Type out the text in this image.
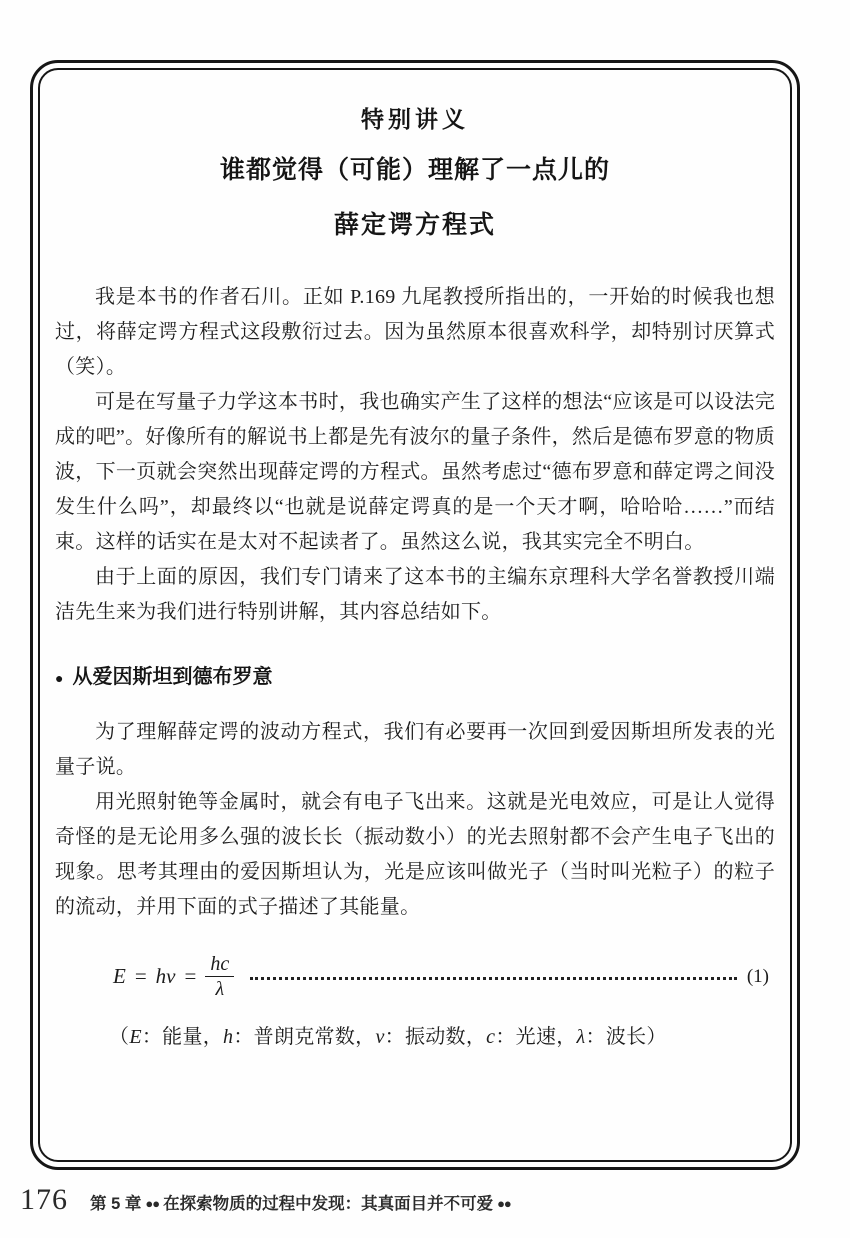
特别讲义
谁都觉得（可能）理解了一点儿的
薛定谔方程式

我是本书的作者石川。正如 P.169 九尾教授所指出的，一开始的时候我也想过，将薛定谔方程式这段敷衍过去。因为虽然原本很喜欢科学，却特别讨厌算式（笑）。

可是在写量子力学这本书时，我也确实产生了这样的想法“应该是可以设法完成的吧”。好像所有的解说书上都是先有波尔的量子条件，然后是德布罗意的物质波，下一页就会突然出现薛定谔的方程式。虽然考虑过“德布罗意和薛定谔之间没发生什么吗”，却最终以“也就是说薛定谔真的是一个天才啊，哈哈哈……”而结束。这样的话实在是太对不起读者了。虽然这么说，我其实完全不明白。

由于上面的原因，我们专门请来了这本书的主编东京理科大学名誉教授川端洁先生来为我们进行特别讲解，其内容总结如下。

● 从爱因斯坦到德布罗意

为了理解薛定谔的波动方程式，我们有必要再一次回到爱因斯坦所发表的光量子说。

用光照射铯等金属时，就会有电子飞出来。这就是光电效应，可是让人觉得奇怪的是无论用多么强的波长长（振动数小）的光去照射都不会产生电子飞出的现象。思考其理由的爱因斯坦认为，光是应该叫做光子（当时叫光粒子）的粒子的流动，并用下面的式子描述了其能量。

$E = h\nu = \frac{hc}{\lambda}$	(1)
（E：能量，h：普朗克常数，ν：振动数，c：光速，λ：波长）
176 第 5 章 ●● 在探索物质的过程中发现：其真面目并不可爱 ●●
